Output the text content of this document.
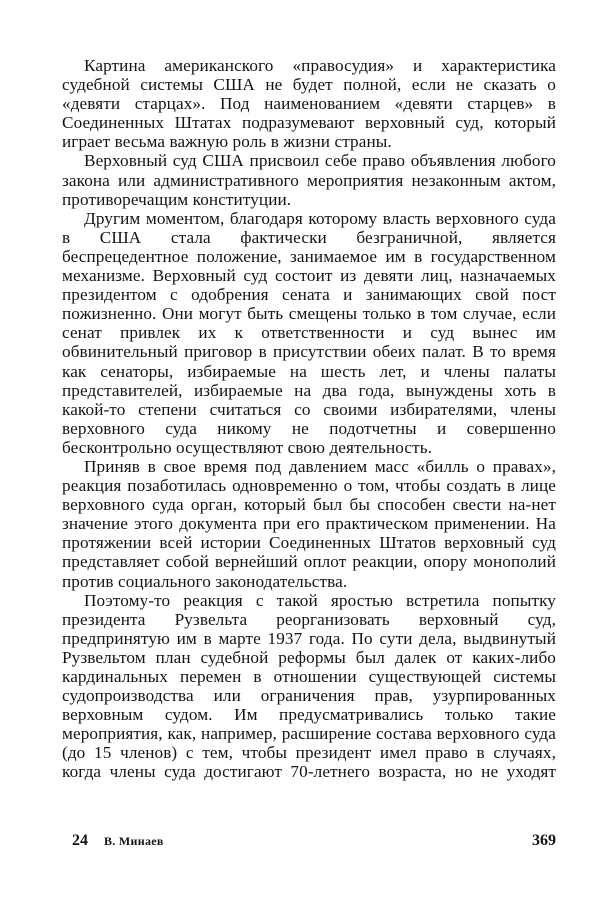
Картина американского «правосудия» и характеристика судебной системы США не будет полной, если не сказать о «девяти старцах». Под наименованием «девяти старцев» в Соединенных Штатах подразумевают верховный суд, который играет весьма важную роль в жизни страны.

Верховный суд США присвоил себе право объявления любого закона или административного мероприятия незаконным актом, противоречащим конституции.

Другим моментом, благодаря которому власть верховного суда в США стала фактически безграничной, является беспрецедентное положение, занимаемое им в государственном механизме. Верховный суд состоит из девяти лиц, назначаемых президентом с одобрения сената и занимающих свой пост пожизненно. Они могут быть смещены только в том случае, если сенат привлек их к ответственности и суд вынес им обвинительный приговор в присутствии обеих палат. В то время как сенаторы, избираемые на шесть лет, и члены палаты представителей, избираемые на два года, вынуждены хоть в какой-то степени считаться со своими избирателями, члены верховного суда никому не подотчетны и совершенно бесконтрольно осуществляют свою деятельность.

Приняв в свое время под давлением масс «билль о правах», реакция позаботилась одновременно о том, чтобы создать в лице верховного суда орган, который был бы способен свести на-нет значение этого документа при его практическом применении. На протяжении всей истории Соединенных Штатов верховный суд представляет собой вернейший оплот реакции, опору монополий против социального законодательства.

Поэтому-то реакция с такой яростью встретила попытку президента Рузвельта реорганизовать верховный суд, предпринятую им в марте 1937 года. По сути дела, выдвинутый Рузвельтом план судебной реформы был далек от каких-либо кардинальных перемен в отношении существующей системы судопроизводства или ограничения прав, узурпированных верховным судом. Им предусматривались только такие мероприятия, как, например, расширение состава верховного суда (до 15 членов) с тем, чтобы президент имел право в случаях, когда члены суда достигают 70-летнего возраста, но не уходят

24 В. Минаев	369
